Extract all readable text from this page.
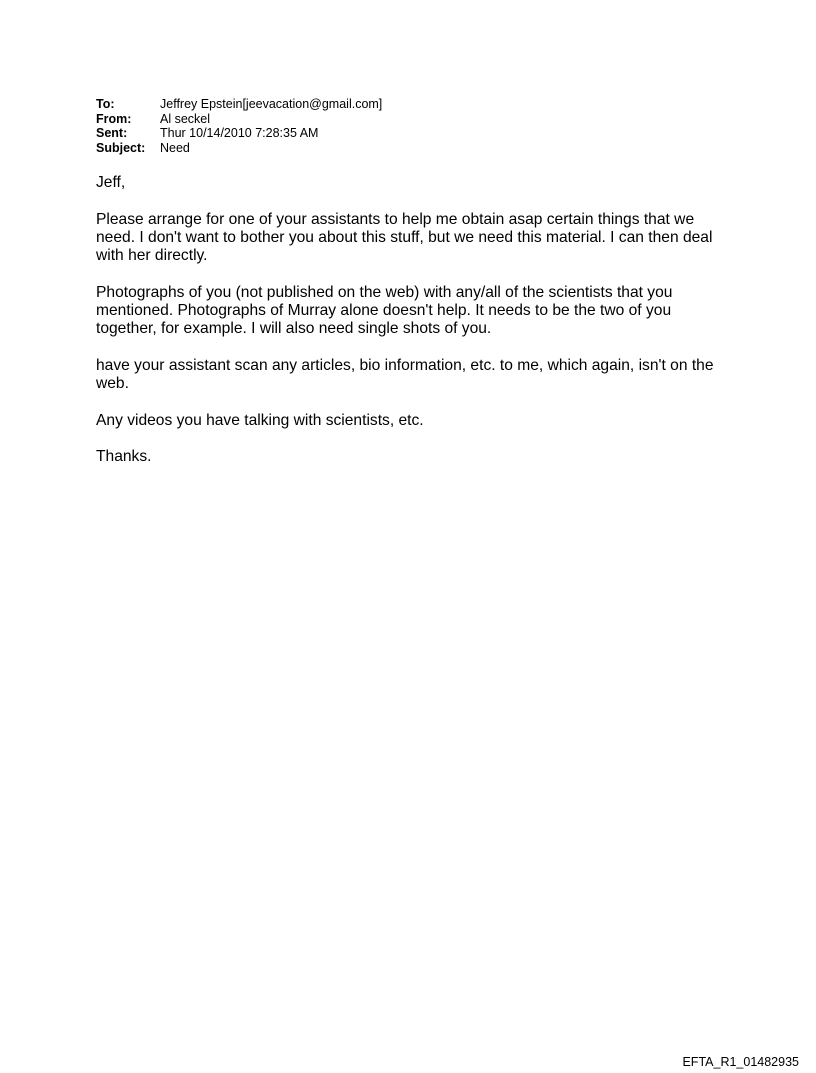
To:	Jeffrey Epstein[jeevacation@gmail.com]
From:	Al seckel
Sent:	Thur 10/14/2010 7:28:35 AM
Subject:	Need

Jeff,

Please arrange for one of your assistants to help me obtain asap certain things that we need. I don't want to bother you about this stuff, but we need this material. I can then deal with her directly.

Photographs of you (not published on the web) with any/all of the scientists that you mentioned. Photographs of Murray alone doesn't help. It needs to be the two of you together, for example. I will also need single shots of you.

have your assistant scan any articles, bio information, etc. to me, which again, isn't on the web.

Any videos you have talking with scientists, etc.

Thanks.

EFTA_R1_01482935
